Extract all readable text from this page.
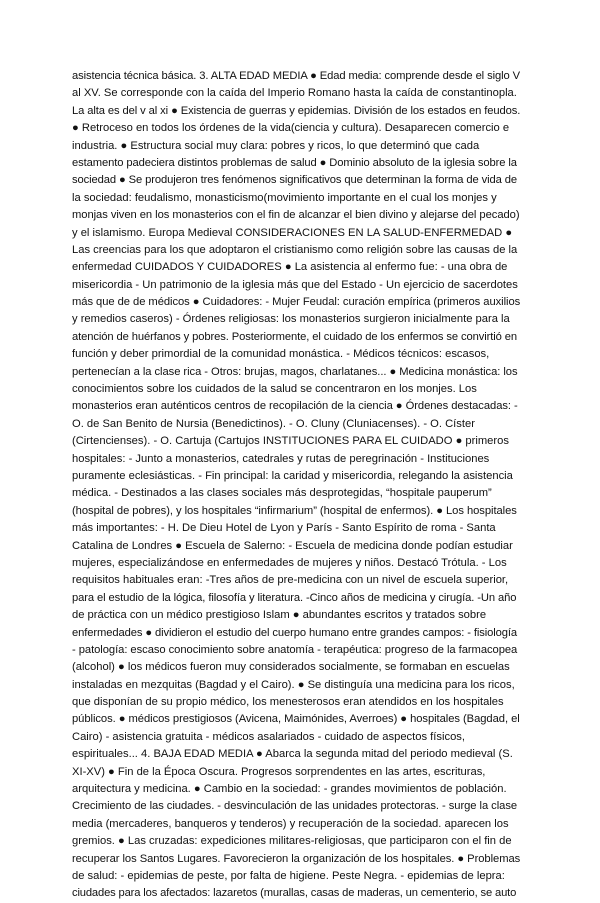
asistencia técnica básica. 3. ALTA EDAD MEDIA ● Edad media: comprende desde el siglo V
al XV. Se corresponde con la caída del Imperio Romano hasta la caída de constantinopla.
La alta es del v al xi ● Existencia de guerras y epidemias. División de los estados en feudos.
● Retroceso en todos los órdenes de la vida(ciencia y cultura). Desaparecen comercio e
industria. ● Estructura social muy clara: pobres y ricos, lo que determinó que cada
estamento padeciera distintos problemas de salud ● Dominio absoluto de la iglesia sobre la
sociedad ● Se produjeron tres fenómenos significativos que determinan la forma de vida de
la sociedad: feudalismo, monasticismo(movimiento importante en el cual los monjes y
monjas viven en los monasterios con el fin de alcanzar el bien divino y alejarse del pecado)
y el islamismo. Europa Medieval CONSIDERACIONES EN LA SALUD-ENFERMEDAD ●
Las creencias para los que adoptaron el cristianismo como religión sobre las causas de la
enfermedad CUIDADOS Y CUIDADORES ● La asistencia al enfermo fue: - una obra de
misericordia - Un patrimonio de la iglesia más que del Estado - Un ejercicio de sacerdotes
más que de de médicos ● Cuidadores: - Mujer Feudal: curación empírica (primeros auxilios
y remedios caseros) - Órdenes religiosas: los monasterios surgieron inicialmente para la
atención de huérfanos y pobres. Posteriormente, el cuidado de los enfermos se convirtió en
función y deber primordial de la comunidad monástica. - Médicos técnicos: escasos,
pertenecían a la clase rica - Otros: brujas, magos, charlatanes... ● Medicina monástica: los
conocimientos sobre los cuidados de la salud se concentraron en los monjes. Los
monasterios eran auténticos centros de recopilación de la ciencia ● Órdenes destacadas: -
O. de San Benito de Nursia (Benedictinos). - O. Cluny (Cluniacenses). - O. Císter
(Cirtencienses). - O. Cartuja (Cartujos INSTITUCIONES PARA EL CUIDADO ● primeros
hospitales: - Junto a monasterios, catedrales y rutas de peregrinación - Instituciones
puramente eclesiásticas. - Fin principal: la caridad y misericordia, relegando la asistencia
médica. - Destinados a las clases sociales más desprotegidas, “hospitale pauperum”
(hospital de pobres), y los hospitales “infirmarium” (hospital de enfermos). ● Los hospitales
más importantes: - H. De Dieu Hotel de Lyon y París - Santo Espírito de roma - Santa
Catalina de Londres ● Escuela de Salerno: - Escuela de medicina donde podían estudiar
mujeres, especializándose en enfermedades de mujeres y niños. Destacó Trótula. - Los
requisitos habituales eran: -Tres años de pre-medicina con un nivel de escuela superior,
para el estudio de la lógica, filosofía y literatura. -Cinco años de medicina y cirugía. -Un año
de práctica con un médico prestigioso Islam ● abundantes escritos y tratados sobre
enfermedades ● dividieron el estudio del cuerpo humano entre grandes campos: - fisiología
- patología: escaso conocimiento sobre anatomía - terapéutica: progreso de la farmacopea
(alcohol) ● los médicos fueron muy considerados socialmente, se formaban en escuelas
instaladas en mezquitas (Bagdad y el Cairo). ● Se distinguía una medicina para los ricos,
que disponían de su propio médico, los menesterosos eran atendidos en los hospitales
públicos. ● médicos prestigiosos (Avicena, Maimónides, Averroes) ● hospitales (Bagdad, el
Cairo) - asistencia gratuita - médicos asalariados - cuidado de aspectos físicos,
espirituales... 4. BAJA EDAD MEDIA ● Abarca la segunda mitad del periodo medieval (S.
XI-XV) ● Fin de la Época Oscura. Progresos sorprendentes en las artes, escrituras,
arquitectura y medicina. ● Cambio en la sociedad: - grandes movimientos de población.
Crecimiento de las ciudades. - desvinculación de las unidades protectoras. - surge la clase
media (mercaderes, banqueros y tenderos) y recuperación de la sociedad. aparecen los
gremios. ● Las cruzadas: expediciones militares-religiosas, que participaron con el fin de
recuperar los Santos Lugares. Favorecieron la organización de los hospitales. ● Problemas
de salud: - epidemias de peste, por falta de higiene. Peste Negra. - epidemias de lepra:
ciudades para los afectados: lazaretos (murallas, casas de maderas, un cementerio, se auto
